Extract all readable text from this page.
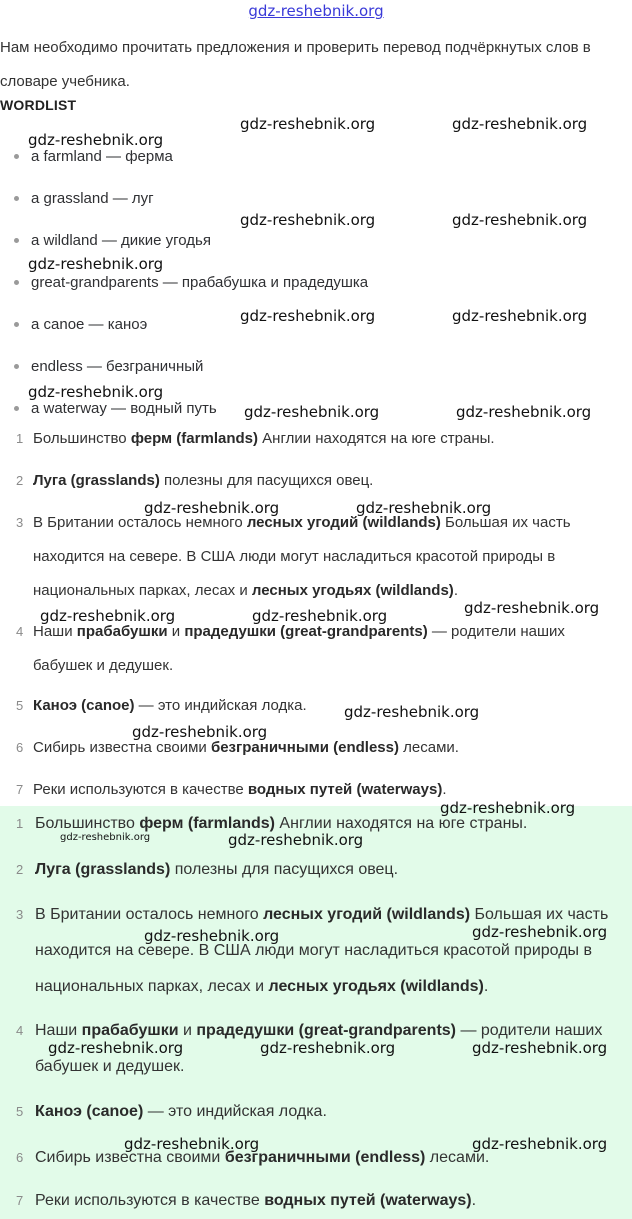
gdz-reshebnik.org
Нам необходимо прочитать предложения и проверить перевод подчёркнутых слов в словаре учебника.
WORDLIST
a farmland — ферма
a grassland — луг
a wildland — дикие угодья
great-grandparents — прабабушка и прадедушка
a canoe — каноэ
endless — безграничный
a waterway — водный путь
1 Большинство ферм (farmlands) Англии находятся на юге страны.
2 Луга (grasslands) полезны для пасущихся овец.
3 В Британии осталось немного лесных угодий (wildlands) Большая их часть находится на севере. В США люди могут насладиться красотой природы в национальных парках, лесах и лесных угодьях (wildlands).
4 Наши прабабушки и прадедушки (great-grandparents) — родители наших бабушек и дедушек.
5 Каноэ (canoe) — это индийская лодка.
6 Сибирь известна своими безграничными (endless) лесами.
7 Реки используются в качестве водных путей (waterways).
1 Большинство ферм (farmlands) Англии находятся на юге страны.
2 Луга (grasslands) полезны для пасущихся овец.
3 В Британии осталось немного лесных угодий (wildlands) Большая их часть находится на севере. В США люди могут насладиться красотой природы в национальных парках, лесах и лесных угодьях (wildlands).
4 Наши прабабушки и прадедушки (great-grandparents) — родители наших бабушек и дедушек.
5 Каноэ (canoe) — это индийская лодка.
6 Сибирь известна своими безграничными (endless) лесами.
7 Реки используются в качестве водных путей (waterways).
gdz-reshebnik.org	gdz-reshebnik.org
gdz-reshebnik.org
gdz-reshebnik.org	gdz-reshebnik.org
gdz-reshebnik.org
gdz-reshebnik.org	gdz-reshebnik.org
gdz-reshebnik.org
gdz-reshebnik.org	gdz-reshebnik.org
gdz-reshebnik.org	gdz-reshebnik.org
gdz-reshebnik.org	gdz-reshebnik.org	gdz-reshebnik.org
gdz-reshebnik.org
gdz-reshebnik.org
gdz-reshebnik.org
gdz-reshebnik.org	gdz-reshebnik.org
gdz-reshebnik.org	gdz-reshebnik.org
gdz-reshebnik.org	gdz-reshebnik.org	gdz-reshebnik.org
gdz-reshebnik.org	gdz-reshebnik.org
